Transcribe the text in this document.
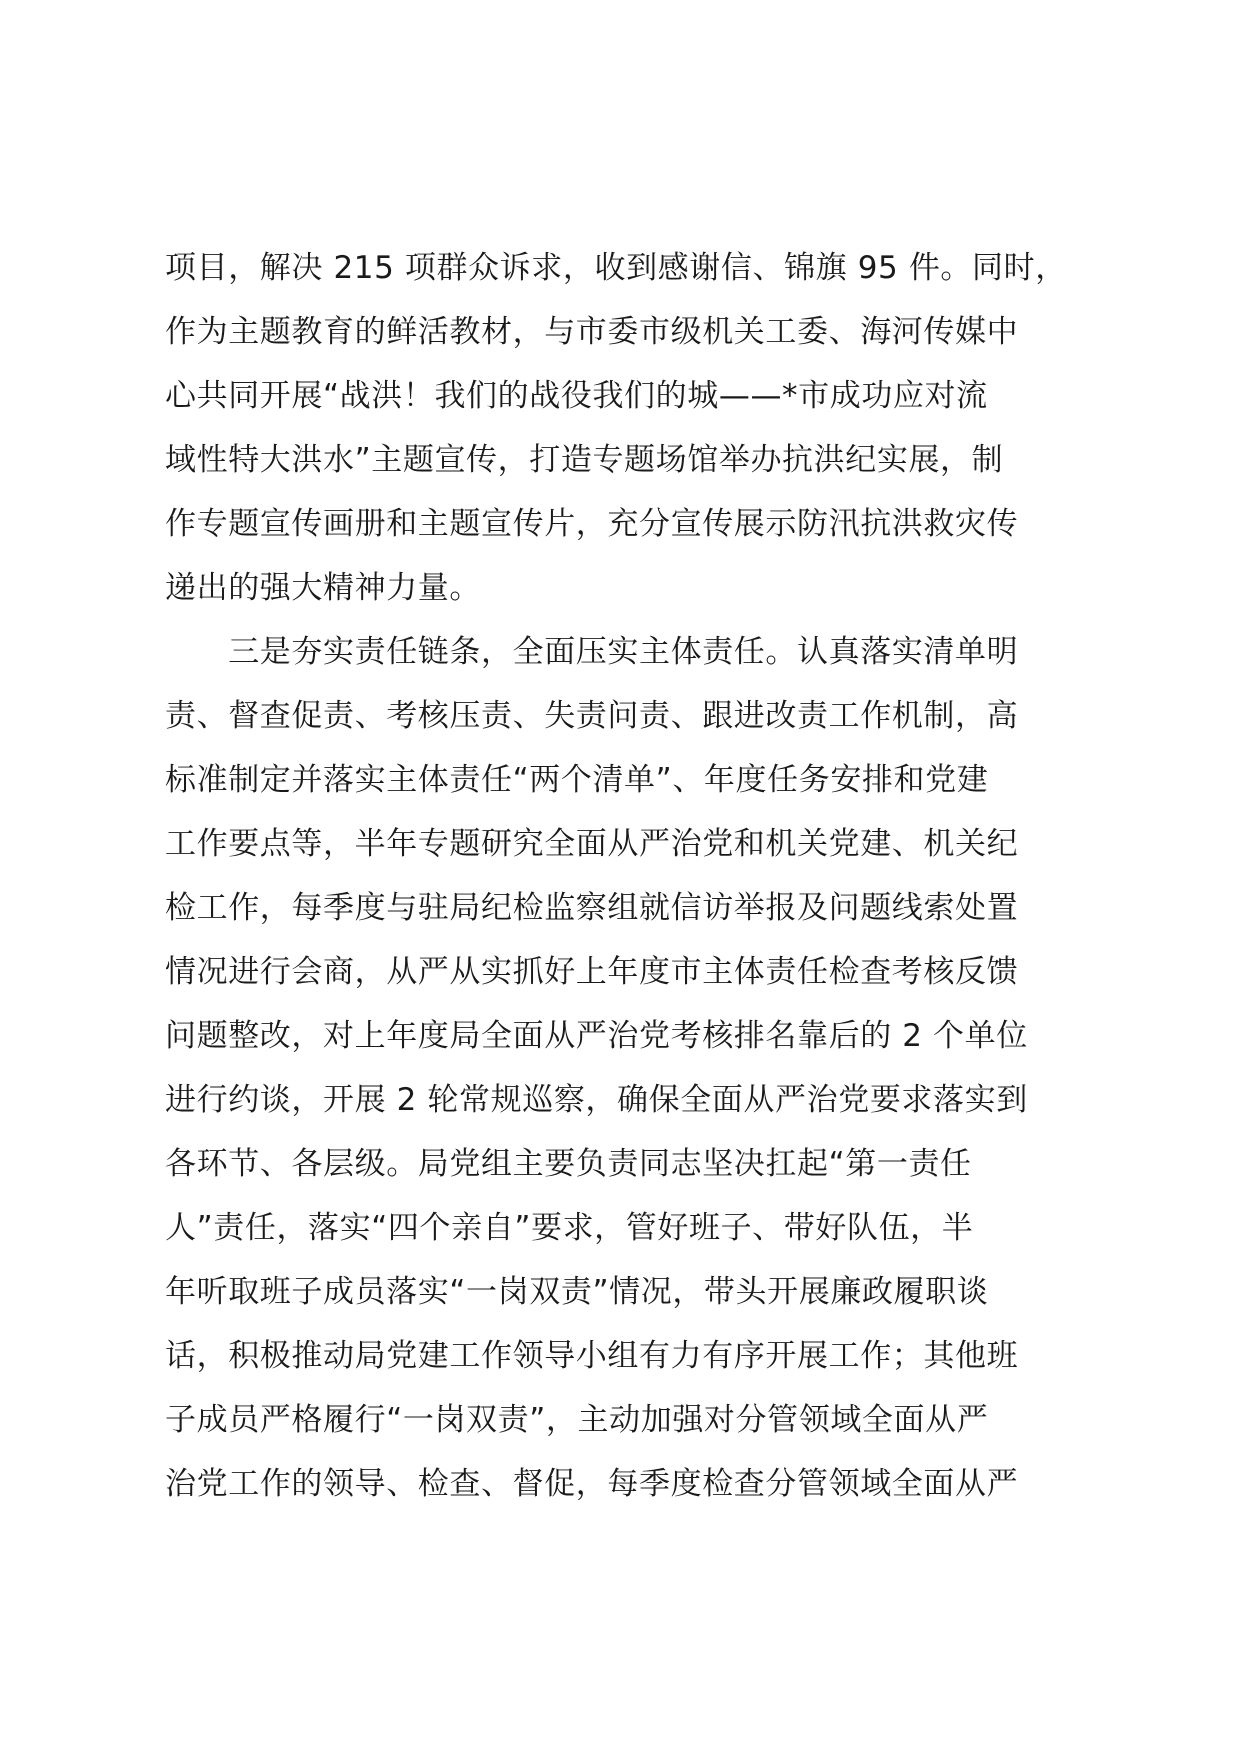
项目，解决 215 项群众诉求，收到感谢信、锦旗 95 件。同时，
作为主题教育的鲜活教材，与市委市级机关工委、海河传媒中
心共同开展“战洪！我们的战役我们的城——*市成功应对流
域性特大洪水”主题宣传，打造专题场馆举办抗洪纪实展，制
作专题宣传画册和主题宣传片，充分宣传展示防汛抗洪救灾传
递出的强大精神力量。
　　三是夯实责任链条，全面压实主体责任。认真落实清单明
责、督查促责、考核压责、失责问责、跟进改责工作机制，高
标准制定并落实主体责任“两个清单”、年度任务安排和党建
工作要点等，半年专题研究全面从严治党和机关党建、机关纪
检工作，每季度与驻局纪检监察组就信访举报及问题线索处置
情况进行会商，从严从实抓好上年度市主体责任检查考核反馈
问题整改，对上年度局全面从严治党考核排名靠后的 2 个单位
进行约谈，开展 2 轮常规巡察，确保全面从严治党要求落实到
各环节、各层级。局党组主要负责同志坚决扛起“第一责任
人”责任，落实“四个亲自”要求，管好班子、带好队伍，半
年听取班子成员落实“一岗双责”情况，带头开展廉政履职谈
话，积极推动局党建工作领导小组有力有序开展工作；其他班
子成员严格履行“一岗双责”，主动加强对分管领域全面从严
治党工作的领导、检查、督促，每季度检查分管领域全面从严
